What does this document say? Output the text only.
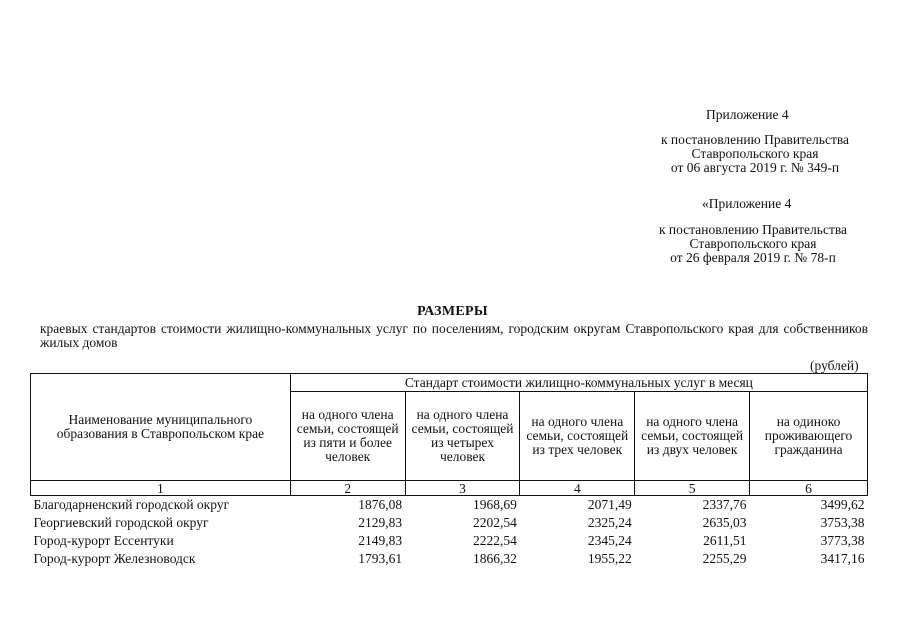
Приложение 4
к постановлению Правительства
Ставропольского края
от 06 августа 2019 г. № 349-п
«Приложение 4
к постановлению Правительства
Ставропольского края
от 26 февраля 2019 г. № 78-п
РАЗМЕРЫ
краевых стандартов стоимости жилищно-коммунальных услуг по поселениям, городским округам Ставропольского края для собственников жилых домов
(рублей)
Наименование муниципального образования в Ставропольском крае	Стандарт стоимости жилищно-коммунальных услуг в месяц				
	на одного члена семьи, состоящей из пяти и более человек	на одного члена семьи, состоящей из четырех человек	на одного члена семьи, состоящей из трех человек	на одного члена семьи, состоящей из двух человек	на одиноко проживающего гражданина
1	2	3	4	5	6
Благодарненский городской округ	1876,08	1968,69	2071,49	2337,76	3499,62
Георгиевский городской округ	2129,83	2202,54	2325,24	2635,03	3753,38
Город-курорт Ессентуки	2149,83	2222,54	2345,24	2611,51	3773,38
Город-курорт Железноводск	1793,61	1866,32	1955,22	2255,29	3417,16
